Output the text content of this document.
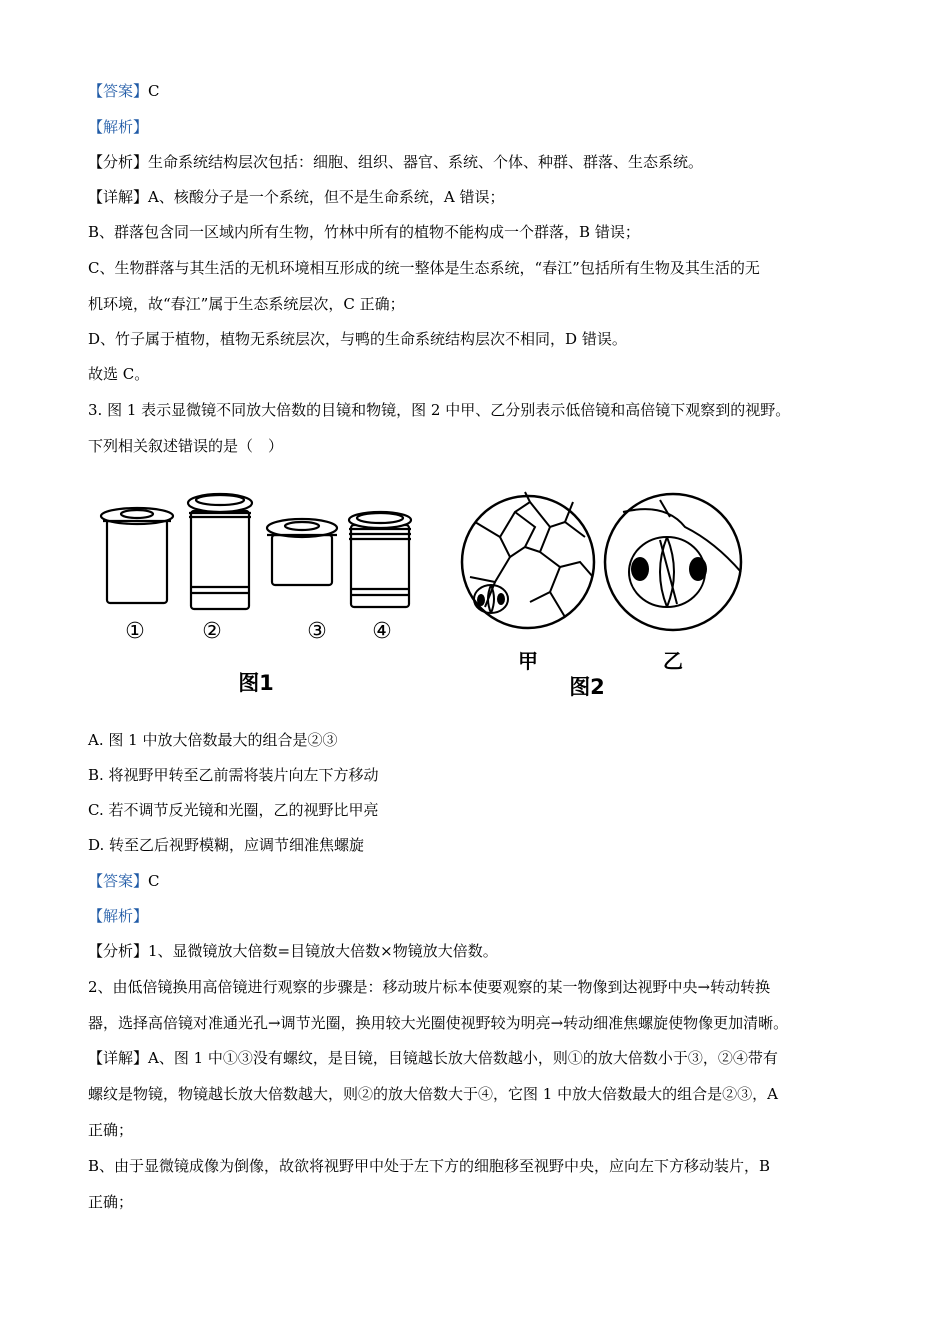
【答案】C
【解析】
【分析】生命系统结构层次包括：细胞、组织、器官、系统、个体、种群、群落、生态系统。
【详解】A、核酸分子是一个系统，但不是生命系统，A 错误；
B、群落包含同一区域内所有生物，竹林中所有的植物不能构成一个群落，B 错误；
C、生物群落与其生活的无机环境相互形成的统一整体是生态系统，“春江”包括所有生物及其生活的无
机环境，故“春江”属于生态系统层次，C 正确；
D、竹子属于植物，植物无系统层次，与鸭的生命系统结构层次不相同，D 错误。
故选 C。
3. 图 1 表示显微镜不同放大倍数的目镜和物镜，图 2 中甲、乙分别表示低倍镜和高倍镜下观察到的视野。
下列相关叙述错误的是（　）
①	②	③ ④
图1
甲	乙
图2
A. 图 1 中放大倍数最大的组合是②③
B. 将视野甲转至乙前需将装片向左下方移动
C. 若不调节反光镜和光圈，乙的视野比甲亮
D. 转至乙后视野模糊，应调节细准焦螺旋
【答案】C
【解析】
【分析】1、显微镜放大倍数=目镜放大倍数×物镜放大倍数。
2、由低倍镜换用高倍镜进行观察的步骤是：移动玻片标本使要观察的某一物像到达视野中央→转动转换
器，选择高倍镜对准通光孔→调节光圈，换用较大光圈使视野较为明亮→转动细准焦螺旋使物像更加清晰。
【详解】A、图 1 中①③没有螺纹，是目镜，目镜越长放大倍数越小，则①的放大倍数小于③，②④带有
螺纹是物镜，物镜越长放大倍数越大，则②的放大倍数大于④，它图 1 中放大倍数最大的组合是②③，A
正确；
B、由于显微镜成像为倒像，故欲将视野甲中处于左下方的细胞移至视野中央，应向左下方移动装片，B
正确；
